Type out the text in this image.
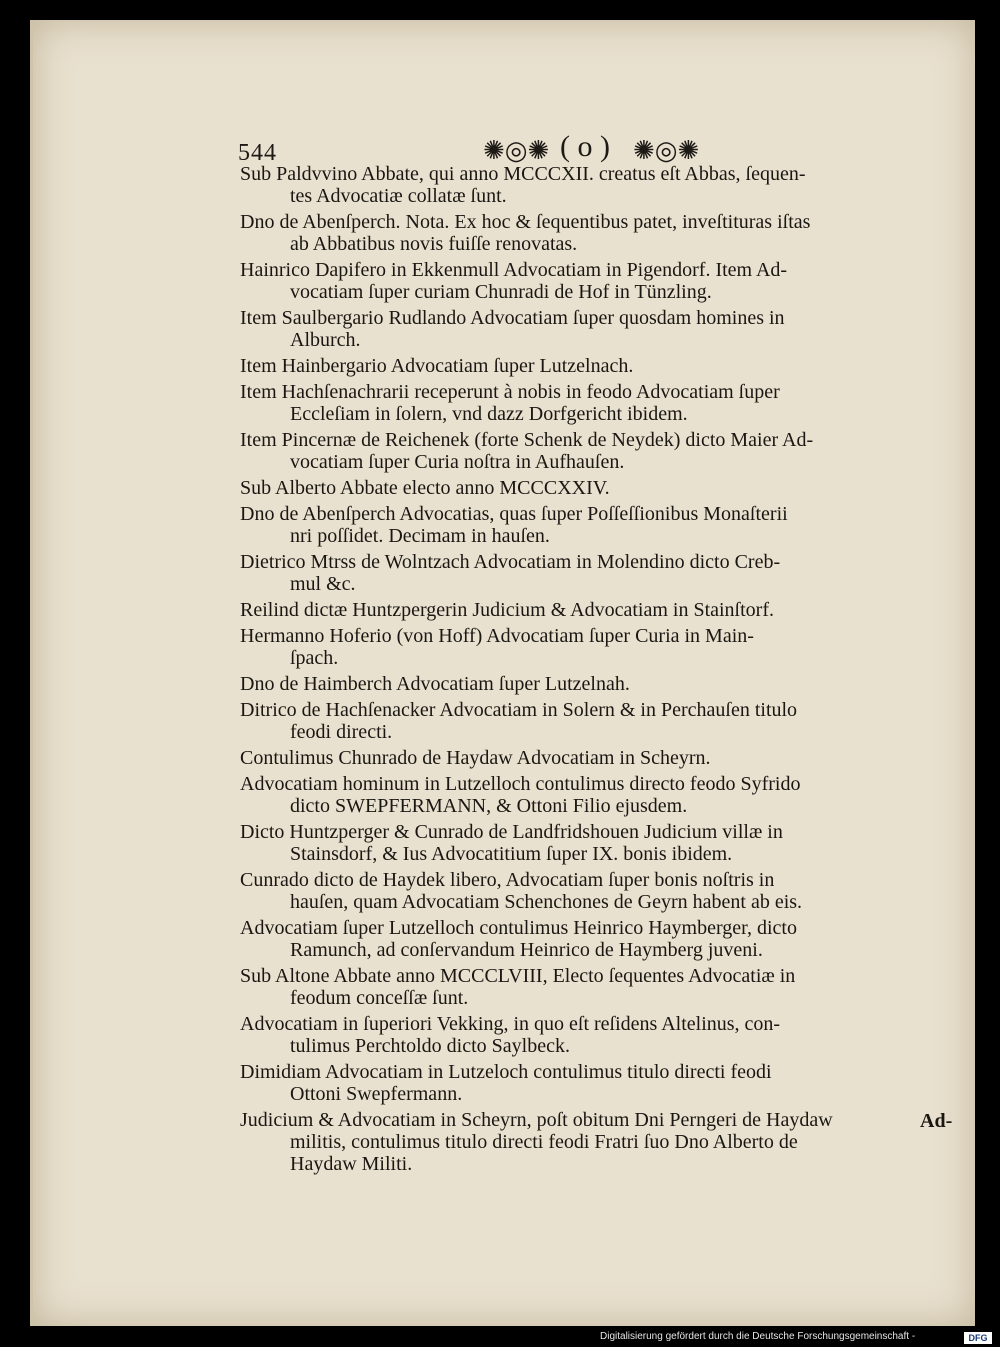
544	✺◎✺ ( o ) ✺◎✺
Sub Paldvvino Abbate, qui anno MCCCXII. creatus eſt Abbas, ſequen-
tes Advocatiæ collatæ ſunt.
Dno de Abenſperch. Nota. Ex hoc & ſequentibus patet, inveſtituras iſtas
ab Abbatibus novis fuiſſe renovatas.
Hainrico Dapifero in Ekkenmull Advocatiam in Pigendorf. Item Ad-
vocatiam ſuper curiam Chunradi de Hof in Tünzling.
Item Saulbergario Rudlando Advocatiam ſuper quosdam homines in
Alburch.
Item Hainbergario Advocatiam ſuper Lutzelnach.
Item Hachſenachrarii receperunt à nobis in feodo Advocatiam ſuper
Eccleſiam in ſolern, vnd dazz Dorfgericht ibidem.
Item Pincernæ de Reichenek (forte Schenk de Neydek) dicto Maier Ad-
vocatiam ſuper Curia noſtra in Aufhauſen.
Sub Alberto Abbate electo anno MCCCXXIV.
Dno de Abenſperch Advocatias, quas ſuper Poſſeſſionibus Monaſterii
nri poſſidet. Decimam in hauſen.
Dietrico Mtrss de Wolntzach Advocatiam in Molendino dicto Creb-
mul &c.
Reilind dictæ Huntzpergerin Judicium & Advocatiam in Stainſtorf.
Hermanno Hoferio (von Hoff) Advocatiam ſuper Curia in Main-
ſpach.
Dno de Haimberch Advocatiam ſuper Lutzelnah.
Ditrico de Hachſenacker Advocatiam in Solern & in Perchauſen titulo
feodi directi.
Contulimus Chunrado de Haydaw Advocatiam in Scheyrn.
Advocatiam hominum in Lutzelloch contulimus directo feodo Syfrido
dicto SWEPFERMANN, & Ottoni Filio ejusdem.
Dicto Huntzperger & Cunrado de Landfridshouen Judicium villæ in
Stainsdorf, & Ius Advocatitium ſuper IX. bonis ibidem.
Cunrado dicto de Haydek libero, Advocatiam ſuper bonis noſtris in
hauſen, quam Advocatiam Schenchones de Geyrn habent ab eis.
Advocatiam ſuper Lutzelloch contulimus Heinrico Haymberger, dicto
Ramunch, ad conſervandum Heinrico de Haymberg juveni.
Sub Altone Abbate anno MCCCLVIII, Electo ſequentes Advocatiæ in
feodum conceſſæ ſunt.
Advocatiam in ſuperiori Vekking, in quo eſt reſidens Altelinus, con-
tulimus Perchtoldo dicto Saylbeck.
Dimidiam Advocatiam in Lutzeloch contulimus titulo directi feodi
Ottoni Swepfermann.
Judicium & Advocatiam in Scheyrn, poſt obitum Dni Perngeri de Haydaw
militis, contulimus titulo directi feodi Fratri ſuo Dno Alberto de
Haydaw Militi.
Ad-
Digitalisierung gefördert durch die Deutsche Forschungsgemeinschaft -	DFG
